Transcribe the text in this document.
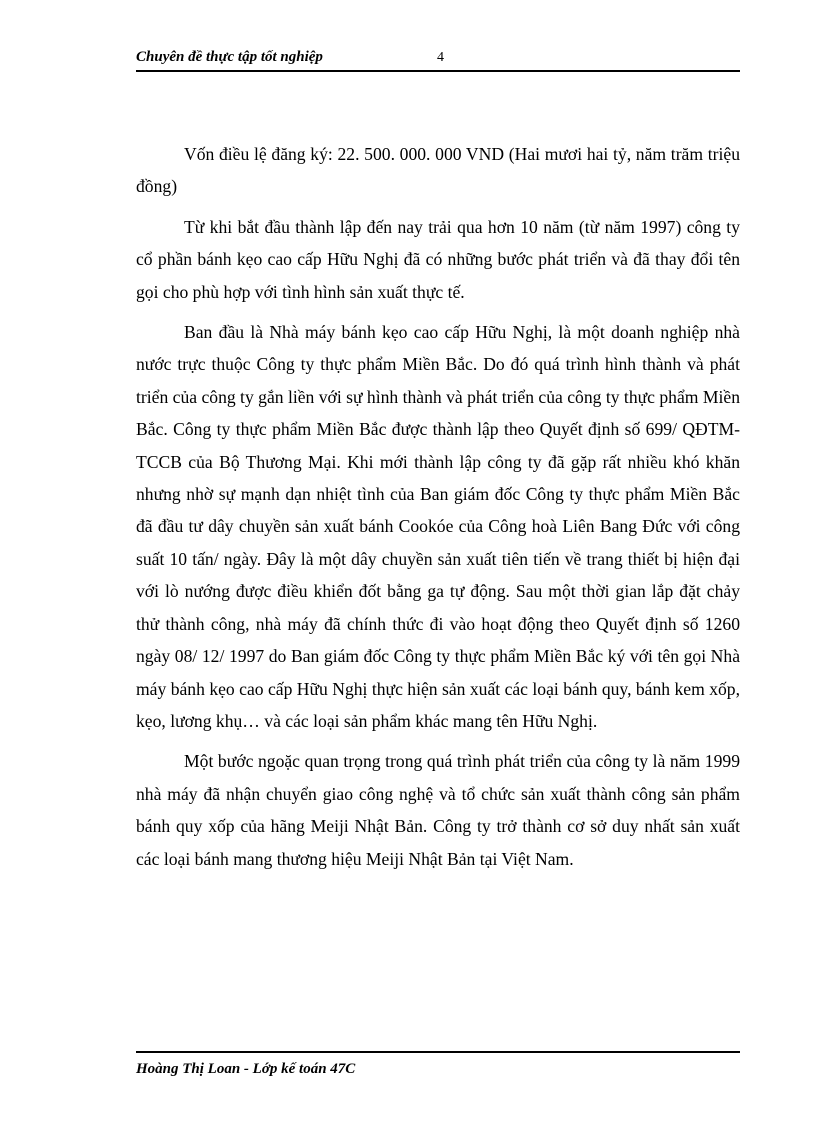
Chuyên đề thực tập tốt nghiệp	4

Vốn điều lệ đăng ký: 22. 500. 000. 000 VND (Hai mươi hai tỷ, năm trăm triệu đồng)

Từ khi bắt đầu thành lập đến nay trải qua hơn 10 năm (từ năm 1997) công ty cổ phần bánh kẹo cao cấp Hữu Nghị đã có những bước phát triển và đã thay đổi tên gọi cho phù hợp với tình hình sản xuất thực tế.

Ban đầu là Nhà máy bánh kẹo cao cấp Hữu Nghị, là một doanh nghiệp nhà nước trực thuộc Công ty thực phẩm Miền Bắc. Do đó quá trình hình thành và phát triển của công ty gắn liền với sự hình thành và phát triển của công ty thực phẩm Miền Bắc. Công ty thực phẩm Miền Bắc được thành lập theo Quyết định số 699/ QĐTM-TCCB của Bộ Thương Mại. Khi mới thành lập công ty đã gặp rất nhiều khó khăn nhưng nhờ sự mạnh dạn nhiệt tình của Ban giám đốc Công ty thực phẩm Miền Bắc đã đầu tư dây chuyền sản xuất bánh Cookóe của Công hoà Liên Bang Đức với công suất 10 tấn/ ngày. Đây là một dây chuyền sản xuất tiên tiến về trang thiết bị hiện đại với lò nướng được điều khiển đốt bằng ga tự động. Sau một thời gian lắp đặt chảy thử thành công, nhà máy đã chính thức đi vào hoạt động theo Quyết định số 1260 ngày 08/ 12/ 1997 do Ban giám đốc Công ty thực phẩm Miền Bắc ký với tên gọi Nhà máy bánh kẹo cao cấp Hữu Nghị thực hiện sản xuất các loại bánh quy, bánh kem xốp, kẹo, lương khụ… và các loại sản phẩm khác mang tên Hữu Nghị.

Một bước ngoặc quan trọng trong quá trình phát triển của công ty là năm 1999 nhà máy đã nhận chuyển giao công nghệ và tổ chức sản xuất thành công sản phẩm bánh quy xốp của hãng Meiji Nhật Bản. Công ty trở thành cơ sở duy nhất sản xuất các loại bánh mang thương hiệu Meiji Nhật Bản tại Việt Nam.

Hoàng Thị Loan - Lớp kế toán 47C
